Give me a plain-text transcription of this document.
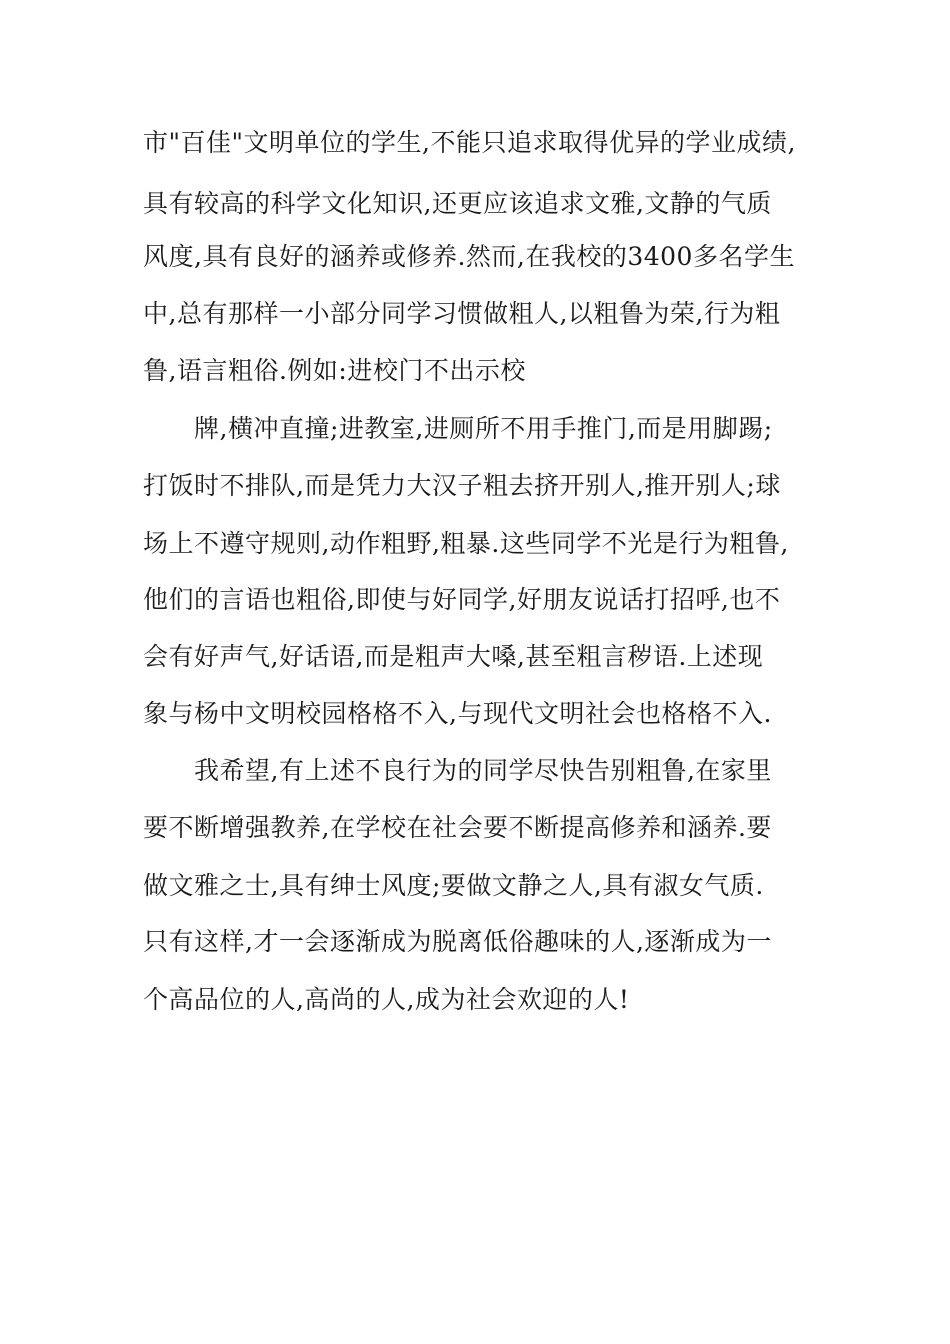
市"百佳"文明单位的学生,不能只追求取得优异的学业成绩,

具有较高的科学文化知识,还更应该追求文雅,文静的气质

风度,具有良好的涵养或修养.然而,在我校的3400多名学生

中,总有那样一小部分同学习惯做粗人,以粗鲁为荣,行为粗

鲁,语言粗俗.例如:进校门不出示校

牌,横冲直撞;进教室,进厕所不用手推门,而是用脚踢;

打饭时不排队,而是凭力大汉子粗去挤开别人,推开别人;球

场上不遵守规则,动作粗野,粗暴.这些同学不光是行为粗鲁,

他们的言语也粗俗,即使与好同学,好朋友说话打招呼,也不

会有好声气,好话语,而是粗声大嗓,甚至粗言秽语.上述现

象与杨中文明校园格格不入,与现代文明社会也格格不入.

我希望,有上述不良行为的同学尽快告别粗鲁,在家里

要不断增强教养,在学校在社会要不断提高修养和涵养.要

做文雅之士,具有绅士风度;要做文静之人,具有淑女气质.

只有这样,才一会逐渐成为脱离低俗趣味的人,逐渐成为一

个高品位的人,高尚的人,成为社会欢迎的人!
